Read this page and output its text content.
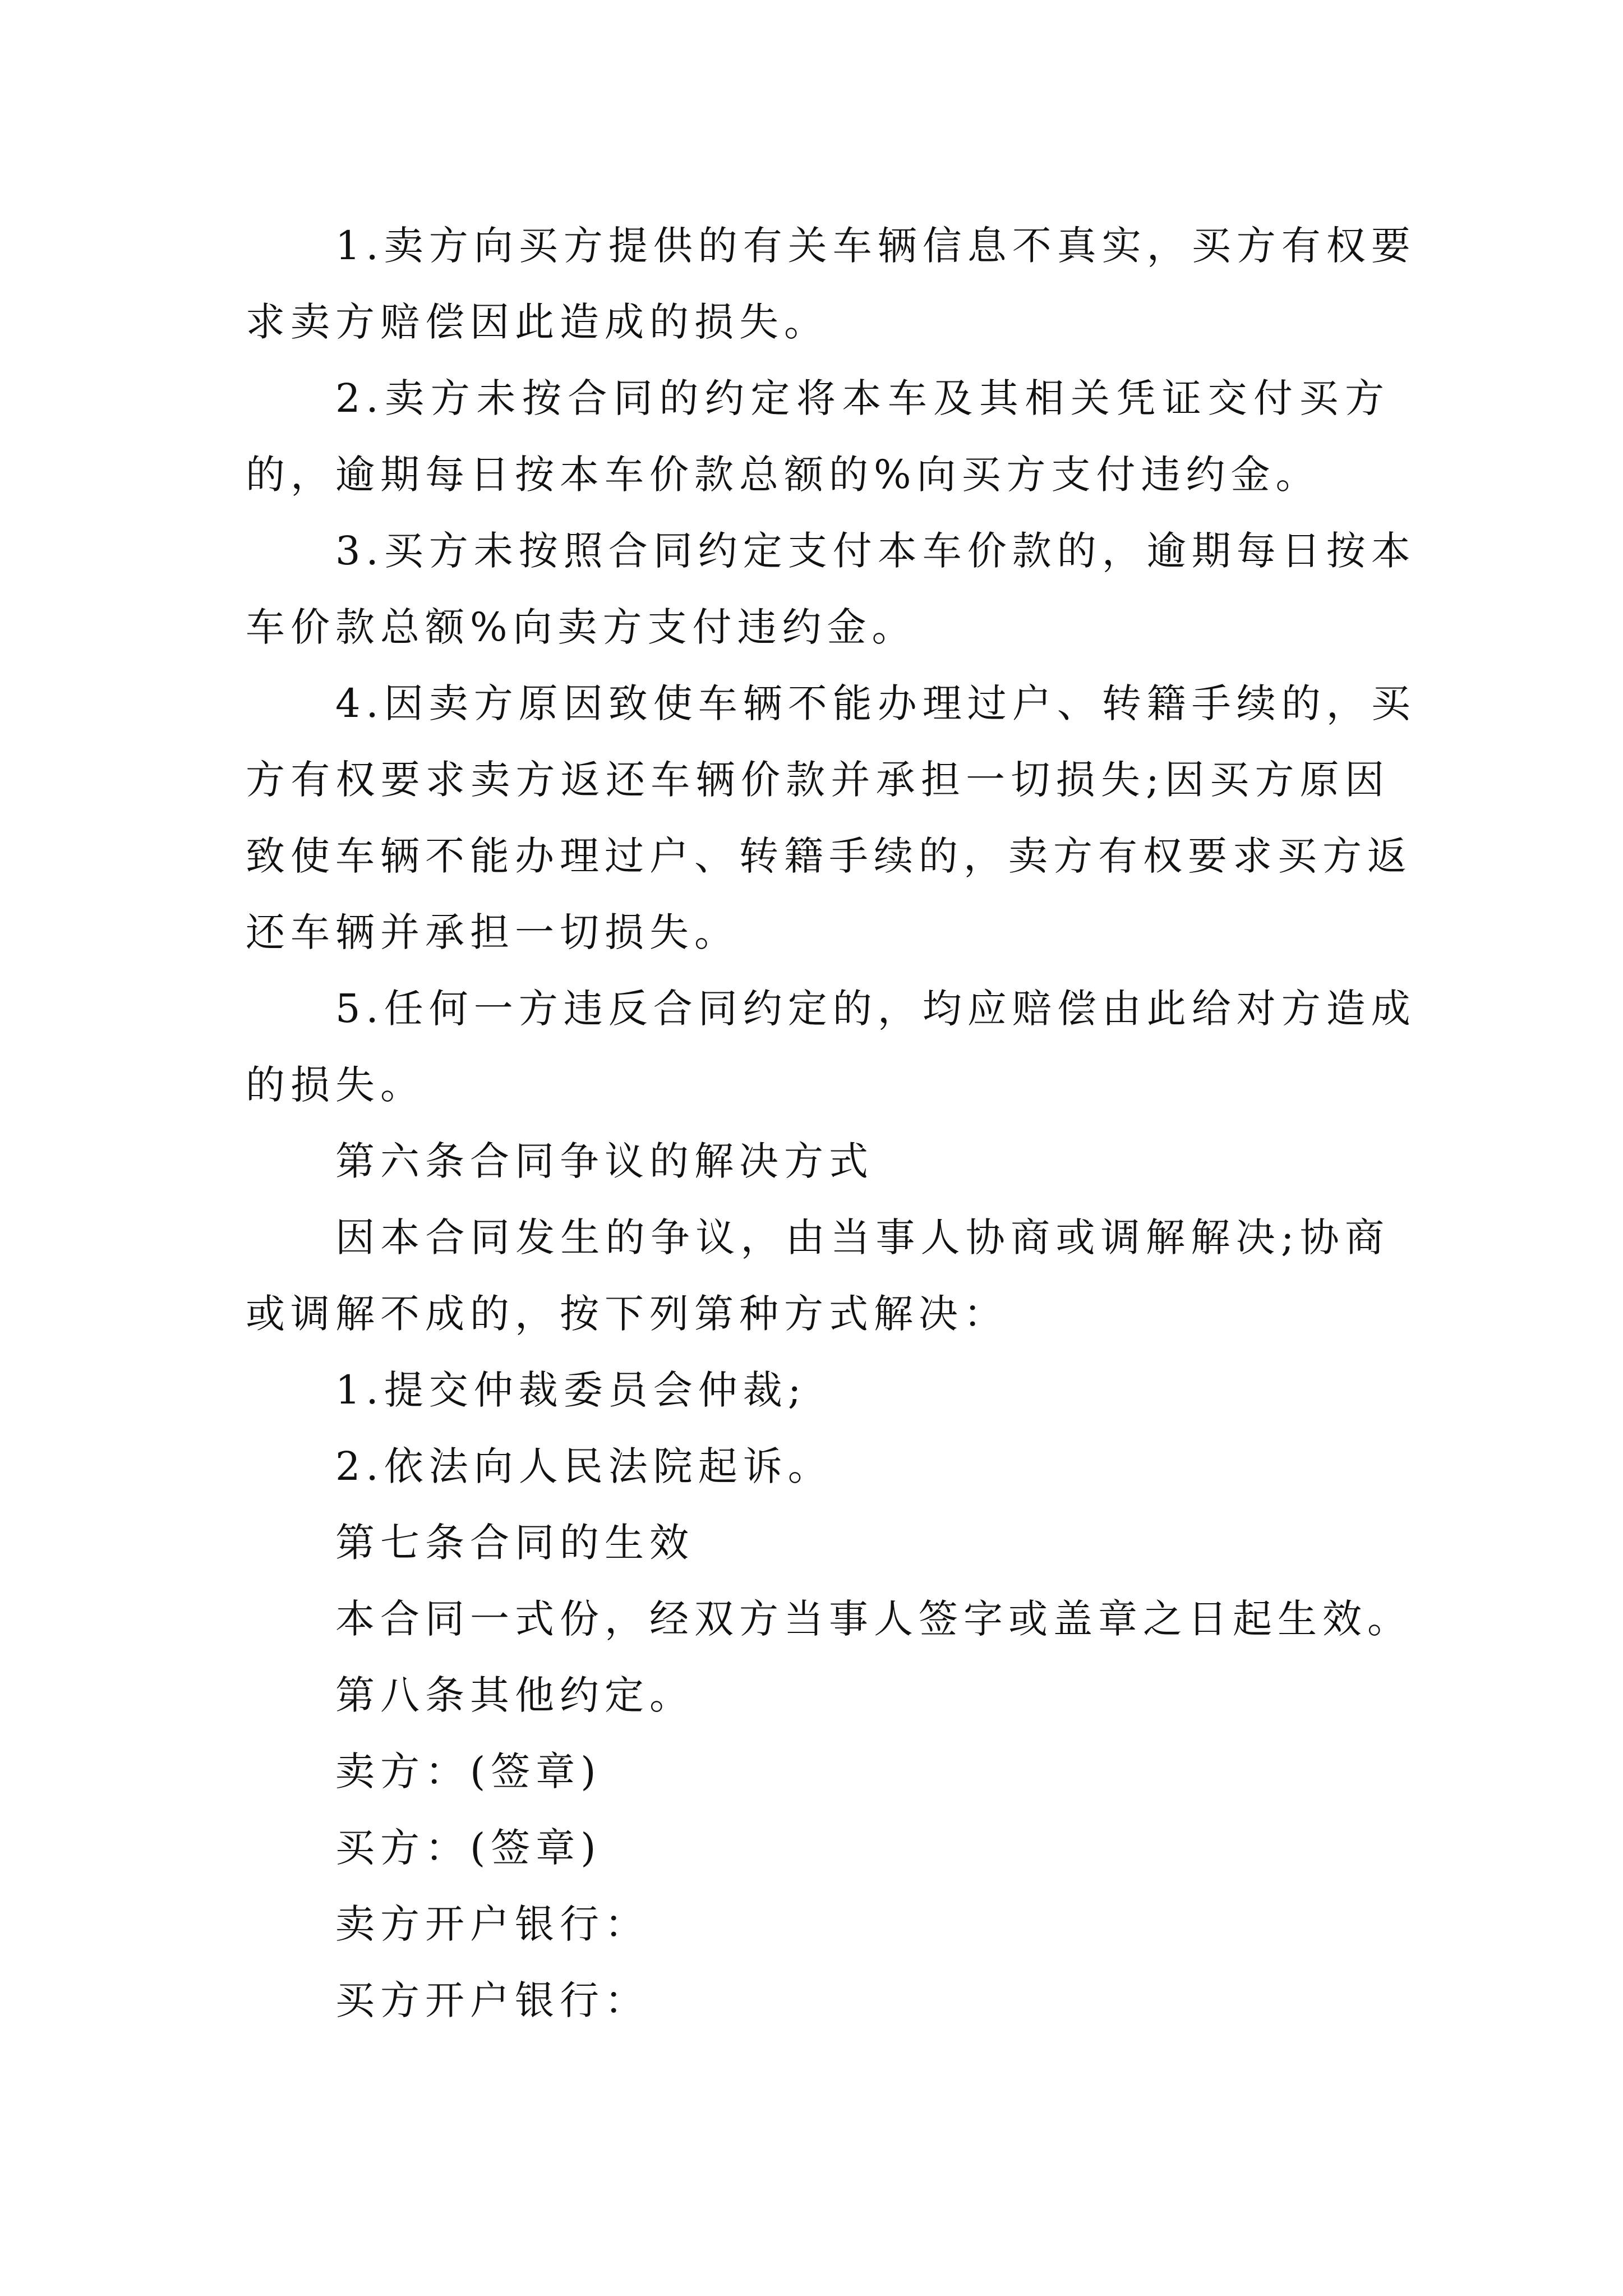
1.卖方向买方提供的有关车辆信息不真实，买方有权要
求卖方赔偿因此造成的损失。
2.卖方未按合同的约定将本车及其相关凭证交付买方
的，逾期每日按本车价款总额的%向买方支付违约金。
3.买方未按照合同约定支付本车价款的，逾期每日按本
车价款总额%向卖方支付违约金。
4.因卖方原因致使车辆不能办理过户、转籍手续的，买
方有权要求卖方返还车辆价款并承担一切损失;因买方原因
致使车辆不能办理过户、转籍手续的，卖方有权要求买方返
还车辆并承担一切损失。
5.任何一方违反合同约定的，均应赔偿由此给对方造成
的损失。
第六条合同争议的解决方式
因本合同发生的争议，由当事人协商或调解解决;协商
或调解不成的，按下列第种方式解决：
1.提交仲裁委员会仲裁;
2.依法向人民法院起诉。
第七条合同的生效
本合同一式份，经双方当事人签字或盖章之日起生效。
第八条其他约定。
卖方：(签章)
买方：(签章)
卖方开户银行：
买方开户银行：
